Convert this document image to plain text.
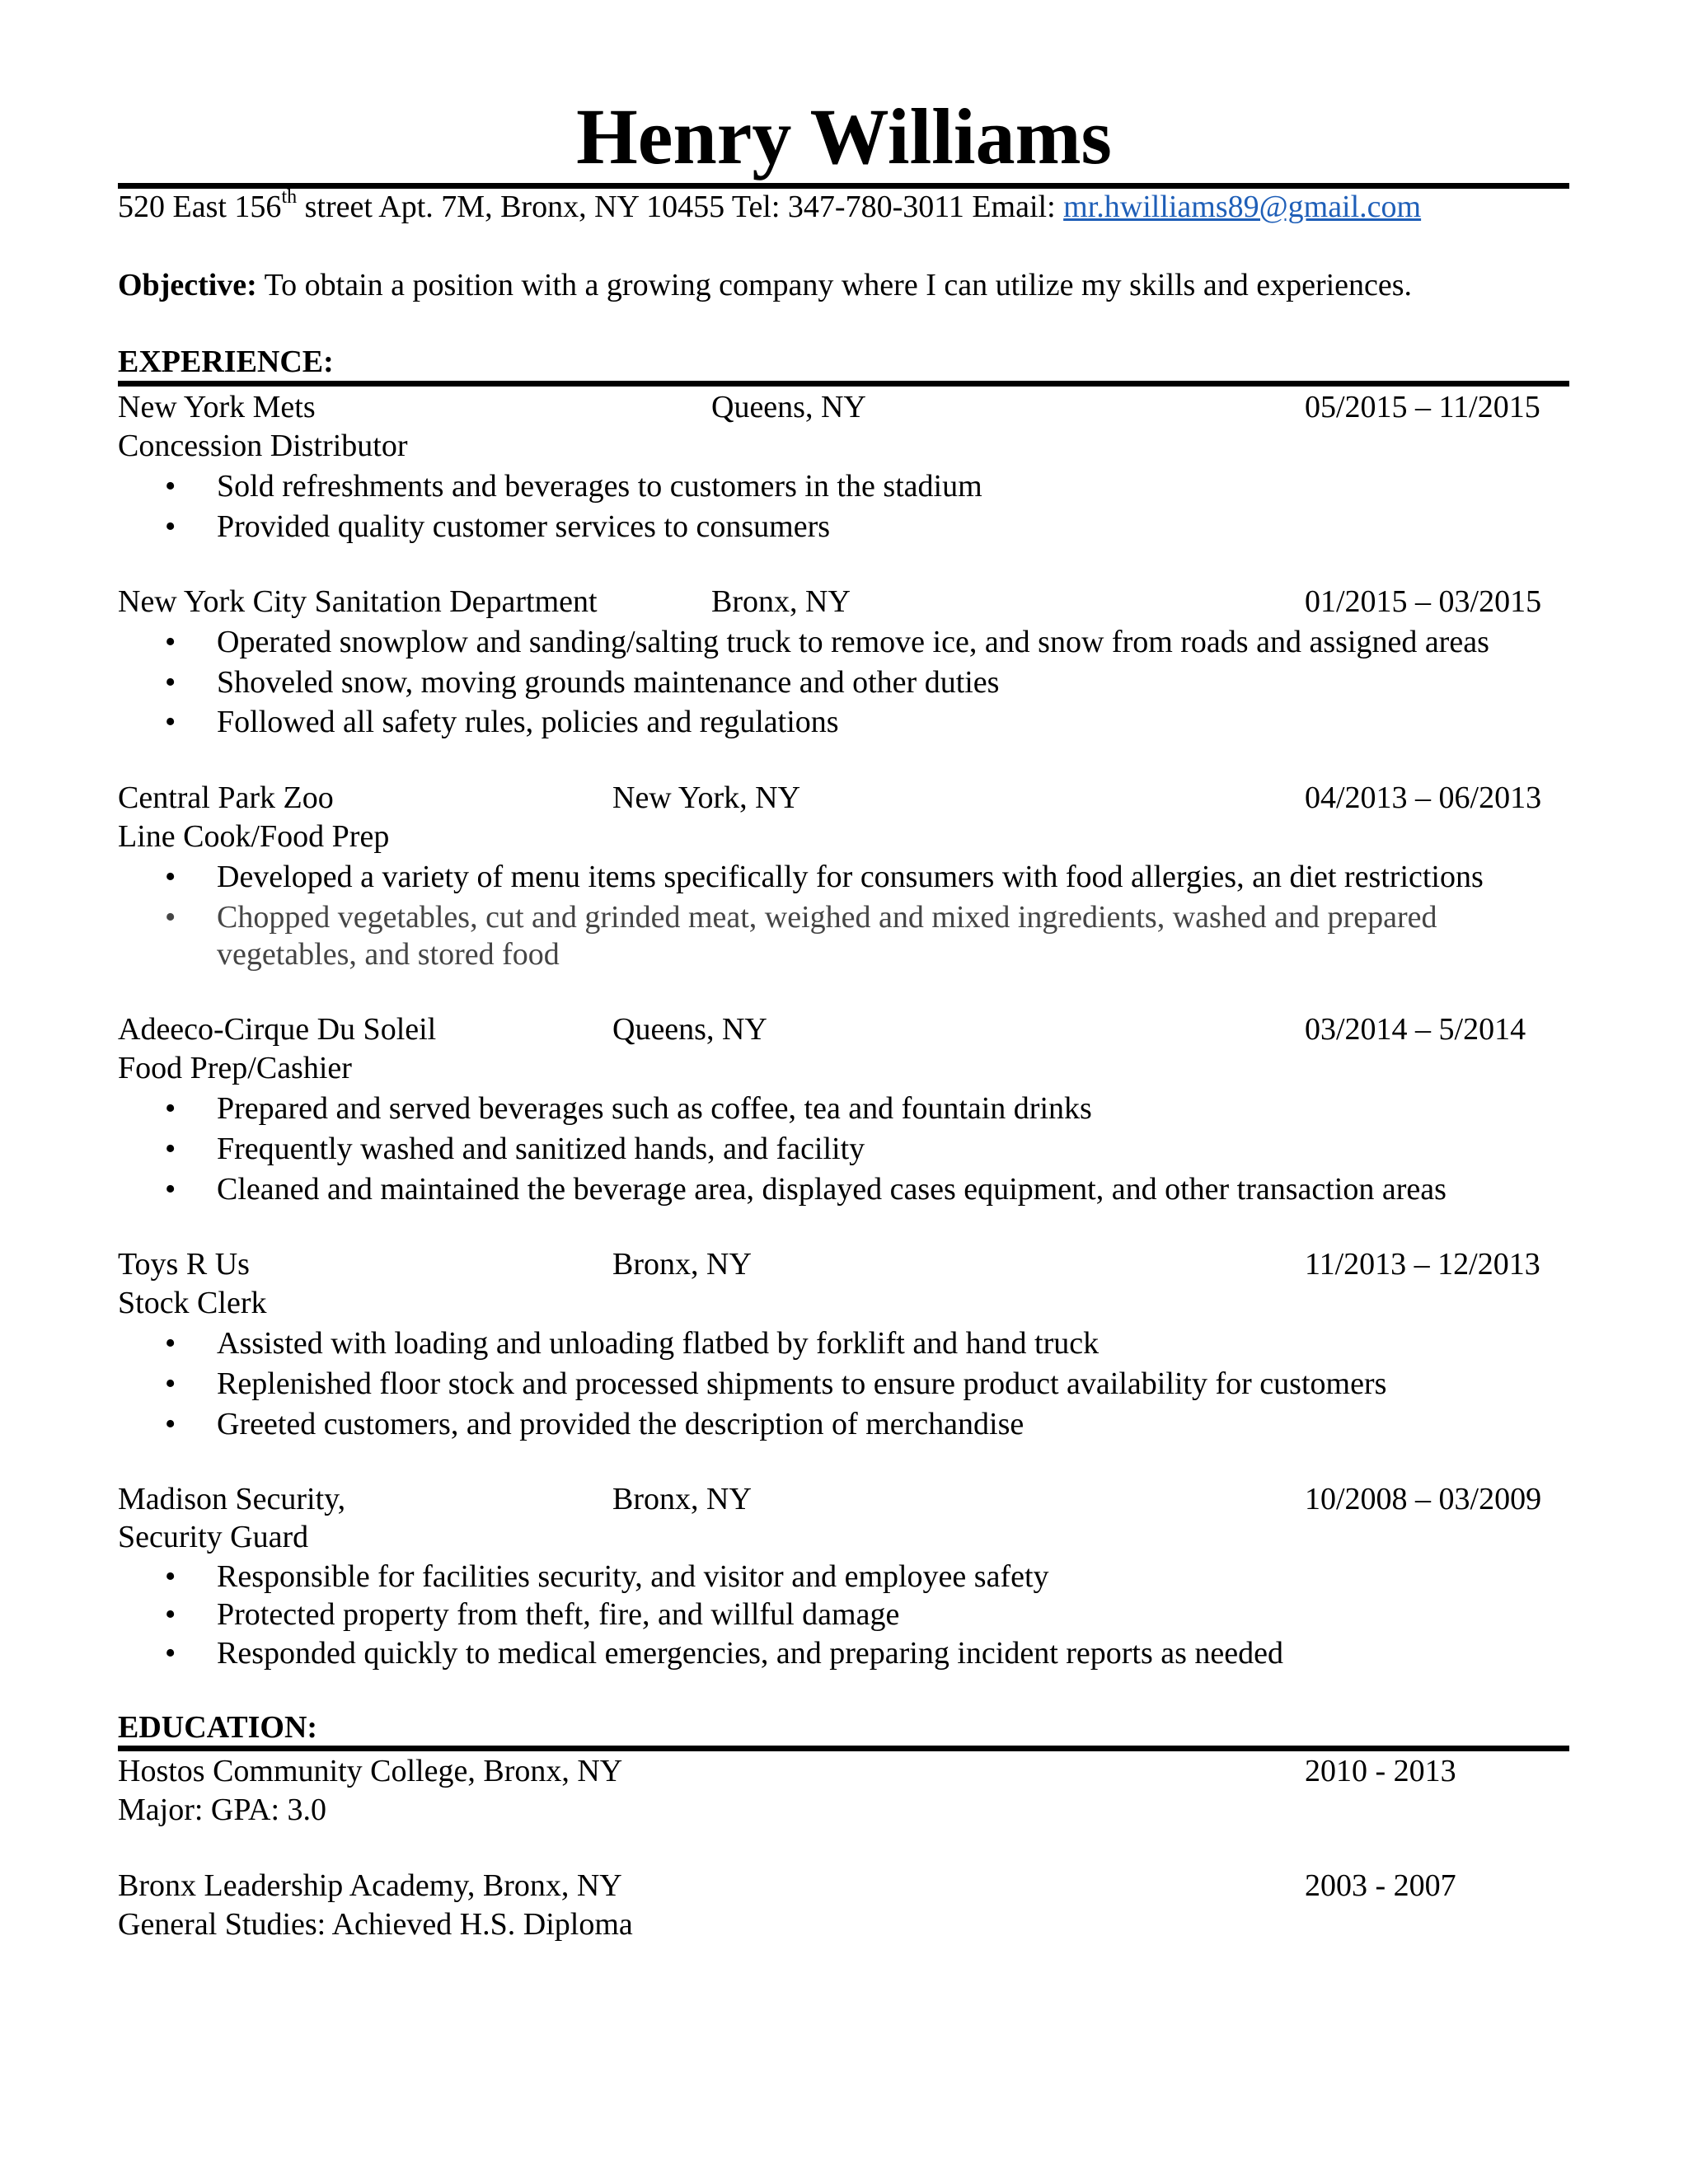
Henry Williams
520 East 156th street Apt. 7M, Bronx, NY 10455 Tel: 347-780-3011 Email: mr.hwilliams89@gmail.com
Objective: To obtain a position with a growing company where I can utilize my skills and experiences.
EXPERIENCE:
New York Mets	Queens, NY	05/2015 – 11/2015
Concession Distributor
• Sold refreshments and beverages to customers in the stadium
• Provided quality customer services to consumers
New York City Sanitation Department	Bronx, NY	01/2015 – 03/2015
• Operated snowplow and sanding/salting truck to remove ice, and snow from roads and assigned areas
• Shoveled snow, moving grounds maintenance and other duties
• Followed all safety rules, policies and regulations
Central Park Zoo	New York, NY	04/2013 – 06/2013
Line Cook/Food Prep
• Developed a variety of menu items specifically for consumers with food allergies, an diet restrictions
• Chopped vegetables, cut and grinded meat, weighed and mixed ingredients, washed and prepared
vegetables, and stored food
Adeeco-Cirque Du Soleil	Queens, NY	03/2014 – 5/2014
Food Prep/Cashier
• Prepared and served beverages such as coffee, tea and fountain drinks
• Frequently washed and sanitized hands, and facility
• Cleaned and maintained the beverage area, displayed cases equipment, and other transaction areas
Toys R Us	Bronx, NY	11/2013 – 12/2013
Stock Clerk
• Assisted with loading and unloading flatbed by forklift and hand truck
• Replenished floor stock and processed shipments to ensure product availability for customers
• Greeted customers, and provided the description of merchandise
Madison Security,	Bronx, NY	10/2008 – 03/2009
Security Guard
• Responsible for facilities security, and visitor and employee safety
• Protected property from theft, fire, and willful damage
• Responded quickly to medical emergencies, and preparing incident reports as needed
EDUCATION:
Hostos Community College, Bronx, NY	2010 - 2013
Major: GPA: 3.0
Bronx Leadership Academy, Bronx, NY	2003 - 2007
General Studies: Achieved H.S. Diploma
